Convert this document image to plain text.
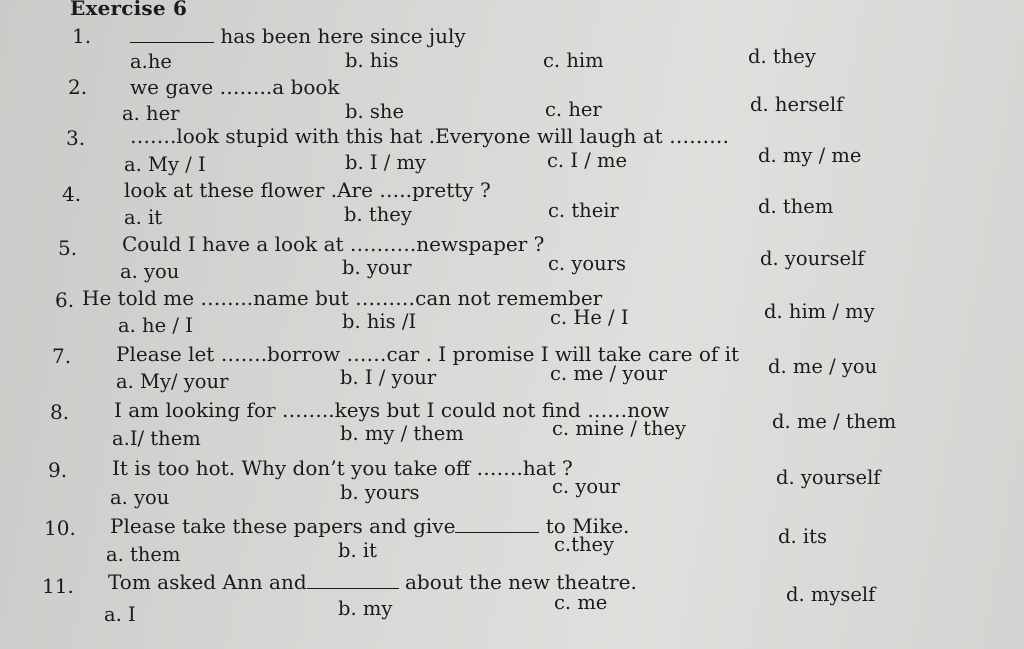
Exercise 6
1.	has been here since july
a.he	b. his	c. him	d. they
2. we gave ……..a book
a. her	b. she	c. her	d. herself
3. …….look stupid with this hat .Everyone will laugh at ………
a. My / I	b. I / my	c. I / me	d. my / me
4. look at these flower .Are …..pretty ?
a. it	b. they	c. their	d. them
5. Could I have a look at ……….newspaper ?
a. you	b. your	c. yours	d. yourself
6. He told me ……..name but ………can not remember
a. he / I	b. his /I	c. He / I	d. him / my
7. Please let …….borrow ……car . I promise I will take care of it
a. My/ your	b. I / your	c. me / your	d. me / you
8. I am looking for ……..keys but I could not find ……now
a.I/ them	b. my / them	c. mine / they	d. me / them
9. It is too hot. Why don’t you take off …….hat ?
a. you	b. yours	c. your	d. yourself
10. Please take these papers and give	to Mike.
a. them	b. it	c.they	d. its
11. Tom asked Ann and	about the new theatre.
a. I	b. my	c. me	d. myself
